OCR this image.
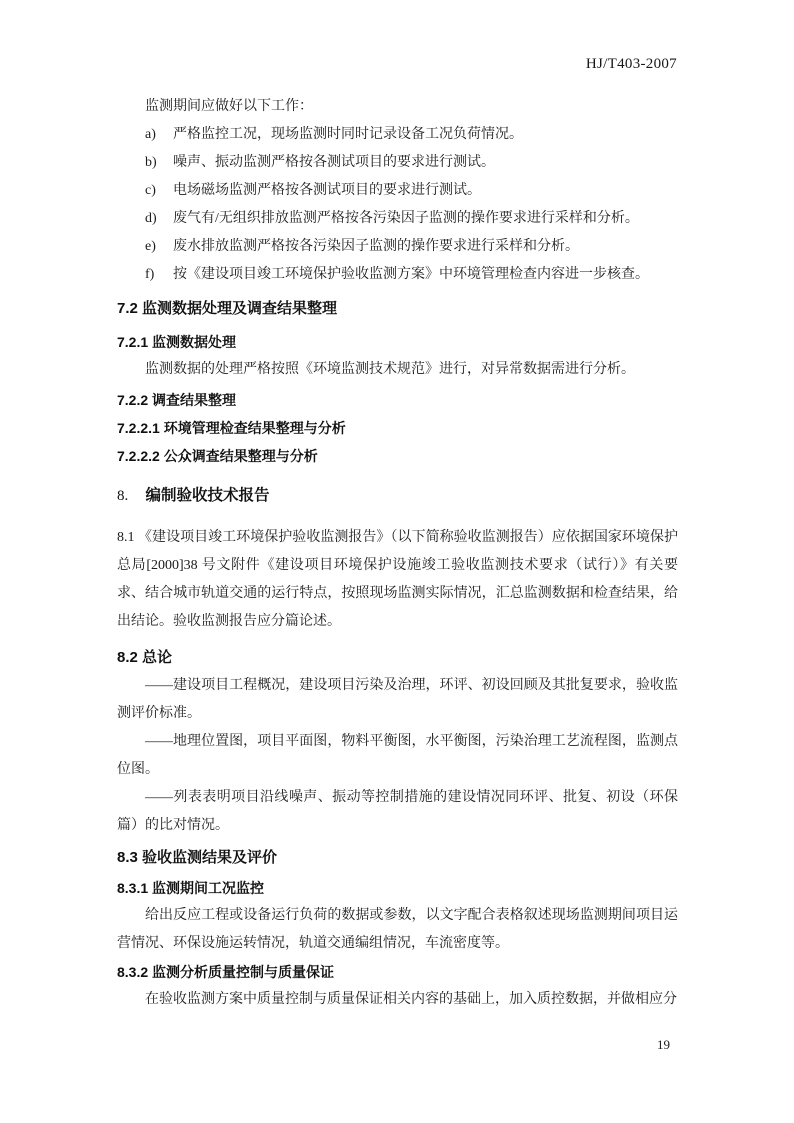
HJ/T403-2007

监测期间应做好以下工作：

a)	严格监控工况，现场监测时同时记录设备工况负荷情况。
b)	噪声、振动监测严格按各测试项目的要求进行测试。
c)	电场磁场监测严格按各测试项目的要求进行测试。
d)	废气有/无组织排放监测严格按各污染因子监测的操作要求进行采样和分析。
e)	废水排放监测严格按各污染因子监测的操作要求进行采样和分析。
f)	按《建设项目竣工环境保护验收监测方案》中环境管理检查内容进一步核查。
7.2 监测数据处理及调查结果整理
7.2.1 监测数据处理

监测数据的处理严格按照《环境监测技术规范》进行，对异常数据需进行分析。

7.2.2 调查结果整理
7.2.2.1 环境管理检查结果整理与分析
7.2.2.2 公众调查结果整理与分析
8. 编制验收技术报告

8.1 《建设项目竣工环境保护验收监测报告》（以下简称验收监测报告）应依据国家环境保护总局[2000]38 号文附件《建设项目环境保护设施竣工验收监测技术要求（试行）》有关要求、结合城市轨道交通的运行特点，按照现场监测实际情况，汇总监测数据和检查结果，给出结论。验收监测报告应分篇论述。

8.2 总论

——建设项目工程概况，建设项目污染及治理，环评、初设回顾及其批复要求，验收监测评价标准。

——地理位置图，项目平面图，物料平衡图，水平衡图，污染治理工艺流程图，监测点位图。

——列表表明项目沿线噪声、振动等控制措施的建设情况同环评、批复、初设（环保篇）的比对情况。

8.3 验收监测结果及评价
8.3.1 监测期间工况监控

给出反应工程或设备运行负荷的数据或参数，以文字配合表格叙述现场监测期间项目运营情况、环保设施运转情况，轨道交通编组情况，车流密度等。

8.3.2 监测分析质量控制与质量保证

在验收监测方案中质量控制与质量保证相关内容的基础上，加入质控数据，并做相应分

19
